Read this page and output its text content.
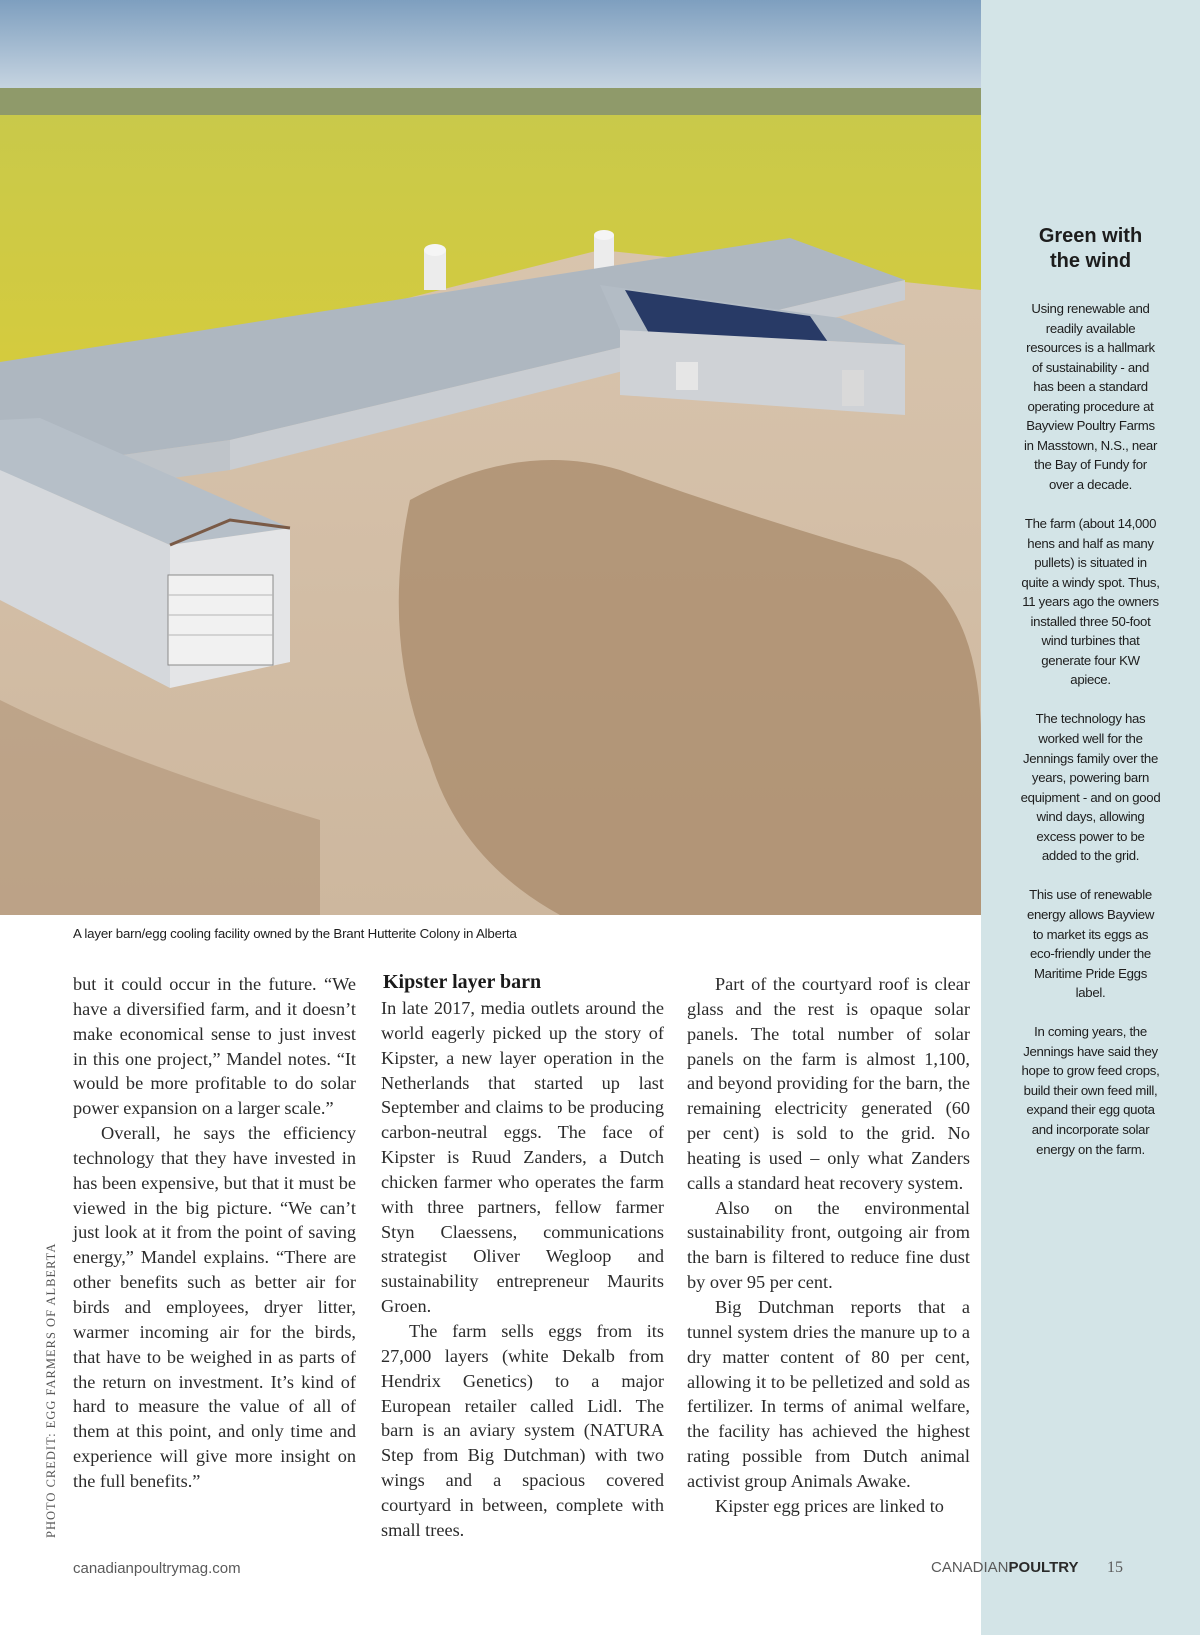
Green with
the wind

Using renewable and readily available resources is a hallmark of sustainability - and has been a standard operating procedure at Bayview Poultry Farms in Masstown, N.S., near the Bay of Fundy for over a decade.

The farm (about 14,000 hens and half as many pullets) is situated in quite a windy spot. Thus, 11 years ago the owners installed three 50-foot wind turbines that generate four KW apiece.

The technology has worked well for the Jennings family over the years, powering barn equipment - and on good wind days, allowing excess power to be added to the grid.

This use of renewable energy allows Bayview to market its eggs as eco-friendly under the Maritime Pride Eggs label.

In coming years, the Jennings have said they hope to grow feed crops, build their own feed mill, expand their egg quota and incorporate solar energy on the farm.

A layer barn/egg cooling facility owned by the Brant Hutterite Colony in Alberta
PHOTO CREDIT: EGG FARMERS OF ALBERTA

but it could occur in the future. “We have a diversified farm, and it doesn’t make economical sense to just invest in this one project,” Mandel notes. “It would be more profitable to do solar power expansion on a larger scale.”

Overall, he says the efficiency technology that they have invested in has been expensive, but that it must be viewed in the big picture. “We can’t just look at it from the point of saving energy,” Mandel explains. “There are other benefits such as better air for birds and employees, dryer litter, warmer incoming air for the birds, that have to be weighed in as parts of the return on investment. It’s kind of hard to measure the value of all of them at this point, and only time and experience will give more insight on the full benefits.”

Kipster layer barn

In late 2017, media outlets around the world eagerly picked up the story of Kipster, a new layer operation in the Netherlands that started up last September and claims to be producing carbon-neutral eggs. The face of Kipster is Ruud Zanders, a Dutch chicken farmer who operates the farm with three partners, fellow farmer Styn Claessens, communications strategist Oliver Wegloop and sustainability entrepreneur Maurits Groen.

The farm sells eggs from its 27,000 layers (white Dekalb from Hendrix Genetics) to a major European retailer called Lidl. The barn is an aviary system (NATURA Step from Big Dutchman) with two wings and a spacious covered courtyard in between, complete with small trees.

Part of the courtyard roof is clear glass and the rest is opaque solar panels. The total number of solar panels on the farm is almost 1,100, and beyond providing for the barn, the remaining electricity generated (60 per cent) is sold to the grid. No heating is used – only what Zanders calls a standard heat recovery system.

Also on the environmental sustainability front, outgoing air from the barn is filtered to reduce fine dust by over 95 per cent.

Big Dutchman reports that a tunnel system dries the manure up to a dry matter content of 80 per cent, allowing it to be pelletized and sold as fertilizer. In terms of animal welfare, the facility has achieved the highest rating possible from Dutch animal activist group Animals Awake.

Kipster egg prices are linked to

canadianpoultrymag.com	CANADIANPOULTRY 15
